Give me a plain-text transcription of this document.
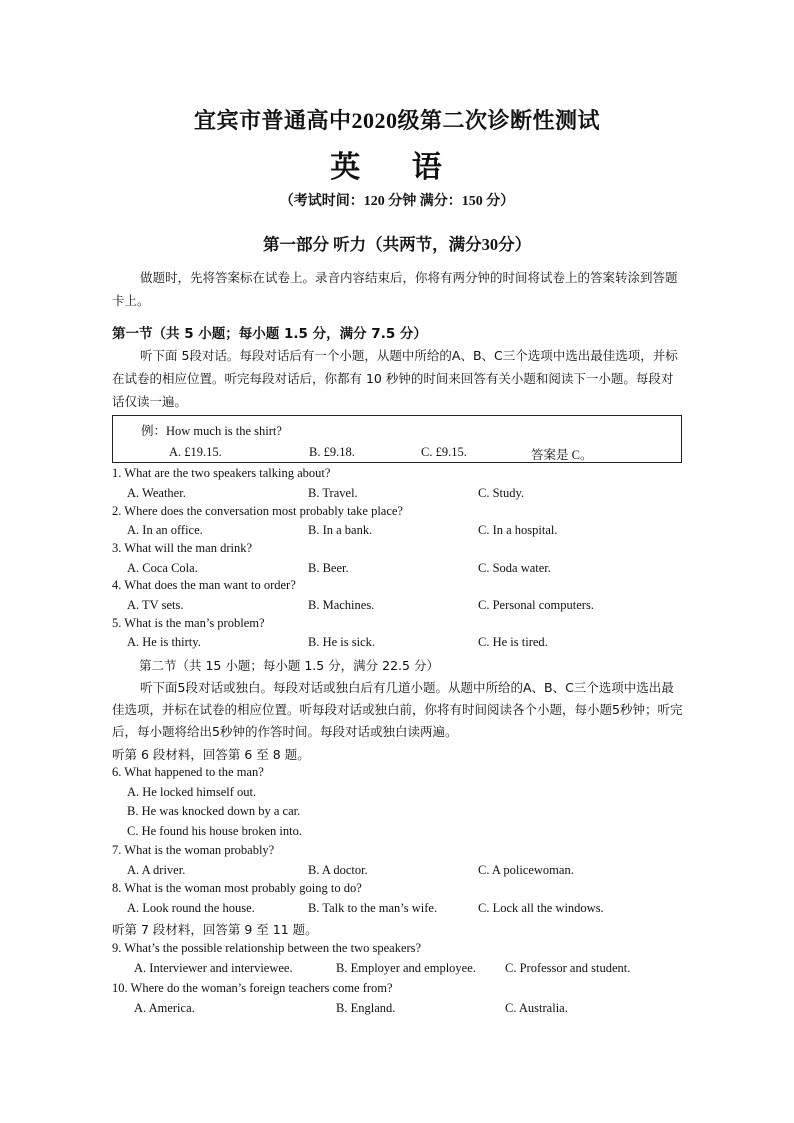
宜宾市普通高中2020级第二次诊断性测试
英 语
（考试时间：120 分钟 满分：150 分）
第一部分 听力（共两节，满分30分）

做题时，先将答案标在试卷上。录音内容结束后，你将有两分钟的时间将试卷上的答案转涂到答题卡上。

第一节（共 5 小题；每小题 1.5 分，满分 7.5 分）

听下面 5段对话。每段对话后有一个小题，从题中所给的A、B、C三个选项中选出最佳选项，并标在试卷的相应位置。听完每段对话后，你都有 10 秒钟的时间来回答有关小题和阅读下一小题。每段对话仅读一遍。

例：How much is the shirt?
A. £19.15.	B. £9.18.	C. £9.15.	答案是 C。
1. What are the two speakers talking about?
A. Weather.	B. Travel.	C. Study.
2. Where does the conversation most probably take place?
A. In an office.	B. In a bank.	C. In a hospital.
3. What will the man drink?
A. Coca Cola.	B. Beer.	C. Soda water.
4. What does the man want to order?
A. TV sets.	B. Machines.	C. Personal computers.
5. What is the man’s problem?
A. He is thirty.	B. He is sick.	C. He is tired.
第二节（共 15 小题；每小题 1.5 分，满分 22.5 分）

听下面5段对话或独白。每段对话或独白后有几道小题。从题中所给的A、B、C三个选项中选出最佳选项，并标在试卷的相应位置。听每段对话或独白前，你将有时间阅读各个小题，每小题5秒钟；听完后，每小题将给出5秒钟的作答时间。每段对话或独白读两遍。

听第 6 段材料，回答第 6 至 8 题。
6. What happened to the man?
A. He locked himself out.
B. He was knocked down by a car.
C. He found his house broken into.
7. What is the woman probably?
A. A driver.	B. A doctor.	C. A policewoman.
8. What is the woman most probably going to do?
A. Look round the house.	B. Talk to the man’s wife.	C. Lock all the windows.
听第 7 段材料，回答第 9 至 11 题。
9. What’s the possible relationship between the two speakers?
A. Interviewer and interviewee.	B. Employer and employee. C. Professor and student.
10. Where do the woman’s foreign teachers come from?
A. America.	B. England.	C. Australia.
